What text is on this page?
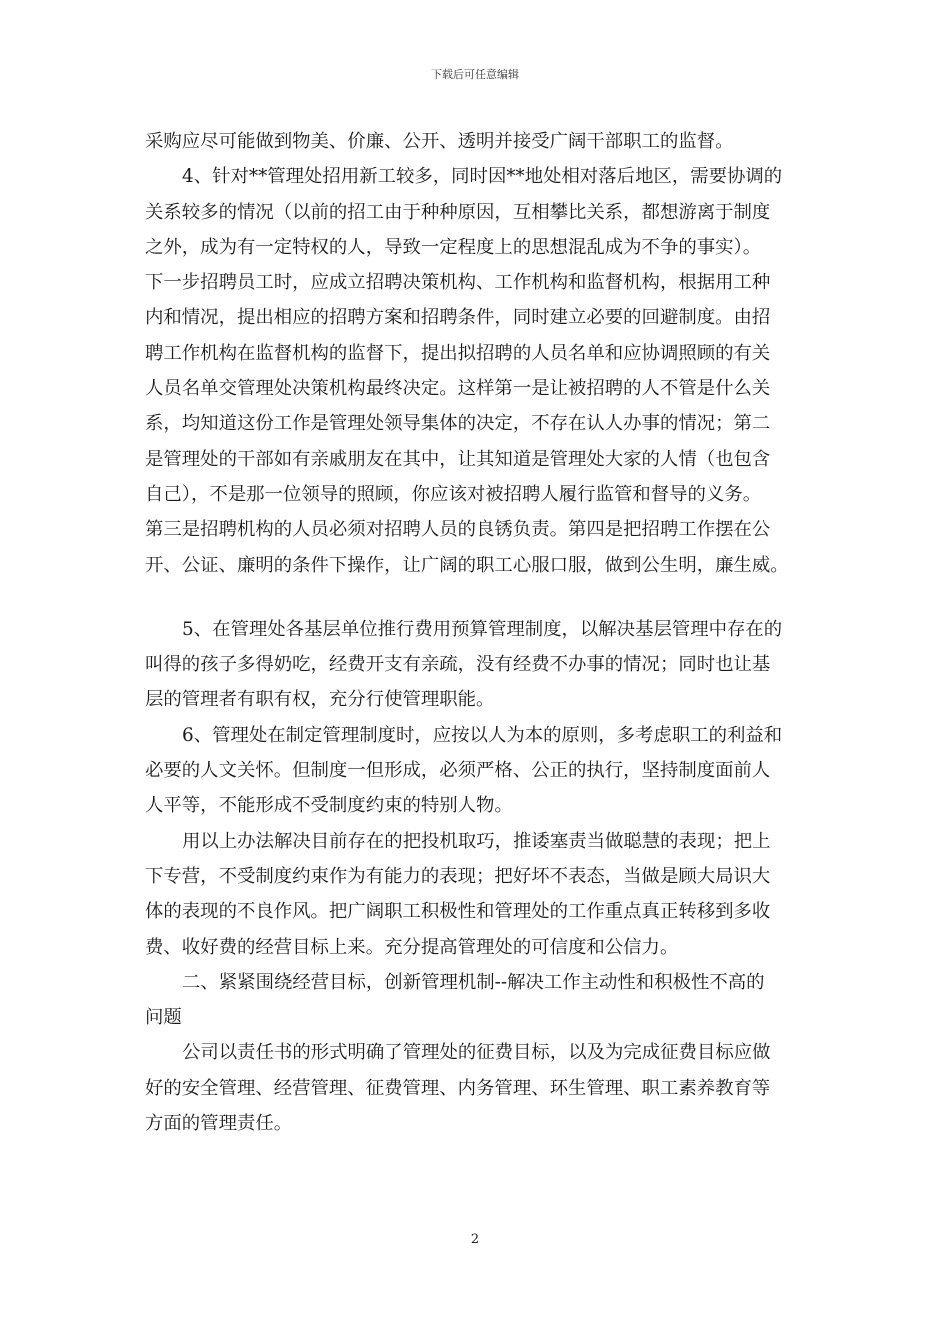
下载后可任意编辑
采购应尽可能做到物美、价廉、公开、透明并接受广阔干部职工的监督。
4、针对**管理处招用新工较多，同时因**地处相对落后地区，需要协调的
关系较多的情况（以前的招工由于种种原因，互相攀比关系，都想游离于制度
之外，成为有一定特权的人，导致一定程度上的思想混乱成为不争的事实）。
下一步招聘员工时，应成立招聘决策机构、工作机构和监督机构，根据用工种
内和情况，提出相应的招聘方案和招聘条件，同时建立必要的回避制度。由招
聘工作机构在监督机构的监督下，提出拟招聘的人员名单和应协调照顾的有关
人员名单交管理处决策机构最终决定。这样第一是让被招聘的人不管是什么关
系，均知道这份工作是管理处领导集体的决定，不存在认人办事的情况；第二
是管理处的干部如有亲戚朋友在其中，让其知道是管理处大家的人情（也包含
自己），不是那一位领导的照顾，你应该对被招聘人履行监管和督导的义务。
第三是招聘机构的人员必须对招聘人员的良锈负责。第四是把招聘工作摆在公
开、公证、廉明的条件下操作，让广阔的职工心服口服，做到公生明，廉生威。
5、在管理处各基层单位推行费用预算管理制度，以解决基层管理中存在的
叫得的孩子多得奶吃，经费开支有亲疏，没有经费不办事的情况；同时也让基
层的管理者有职有权，充分行使管理职能。
6、管理处在制定管理制度时，应按以人为本的原则，多考虑职工的利益和
必要的人文关怀。但制度一但形成，必须严格、公正的执行，坚持制度面前人
人平等，不能形成不受制度约束的特别人物。
用以上办法解决目前存在的把投机取巧，推诿塞责当做聪慧的表现；把上
下专营，不受制度约束作为有能力的表现；把好坏不表态，当做是顾大局识大
体的表现的不良作风。把广阔职工积极性和管理处的工作重点真正转移到多收
费、收好费的经营目标上来。充分提高管理处的可信度和公信力。
二、紧紧围绕经营目标，创新管理机制--解决工作主动性和积极性不高的
问题
公司以责任书的形式明确了管理处的征费目标，以及为完成征费目标应做
好的安全管理、经营管理、征费管理、内务管理、环生管理、职工素养教育等
方面的管理责任。
2
